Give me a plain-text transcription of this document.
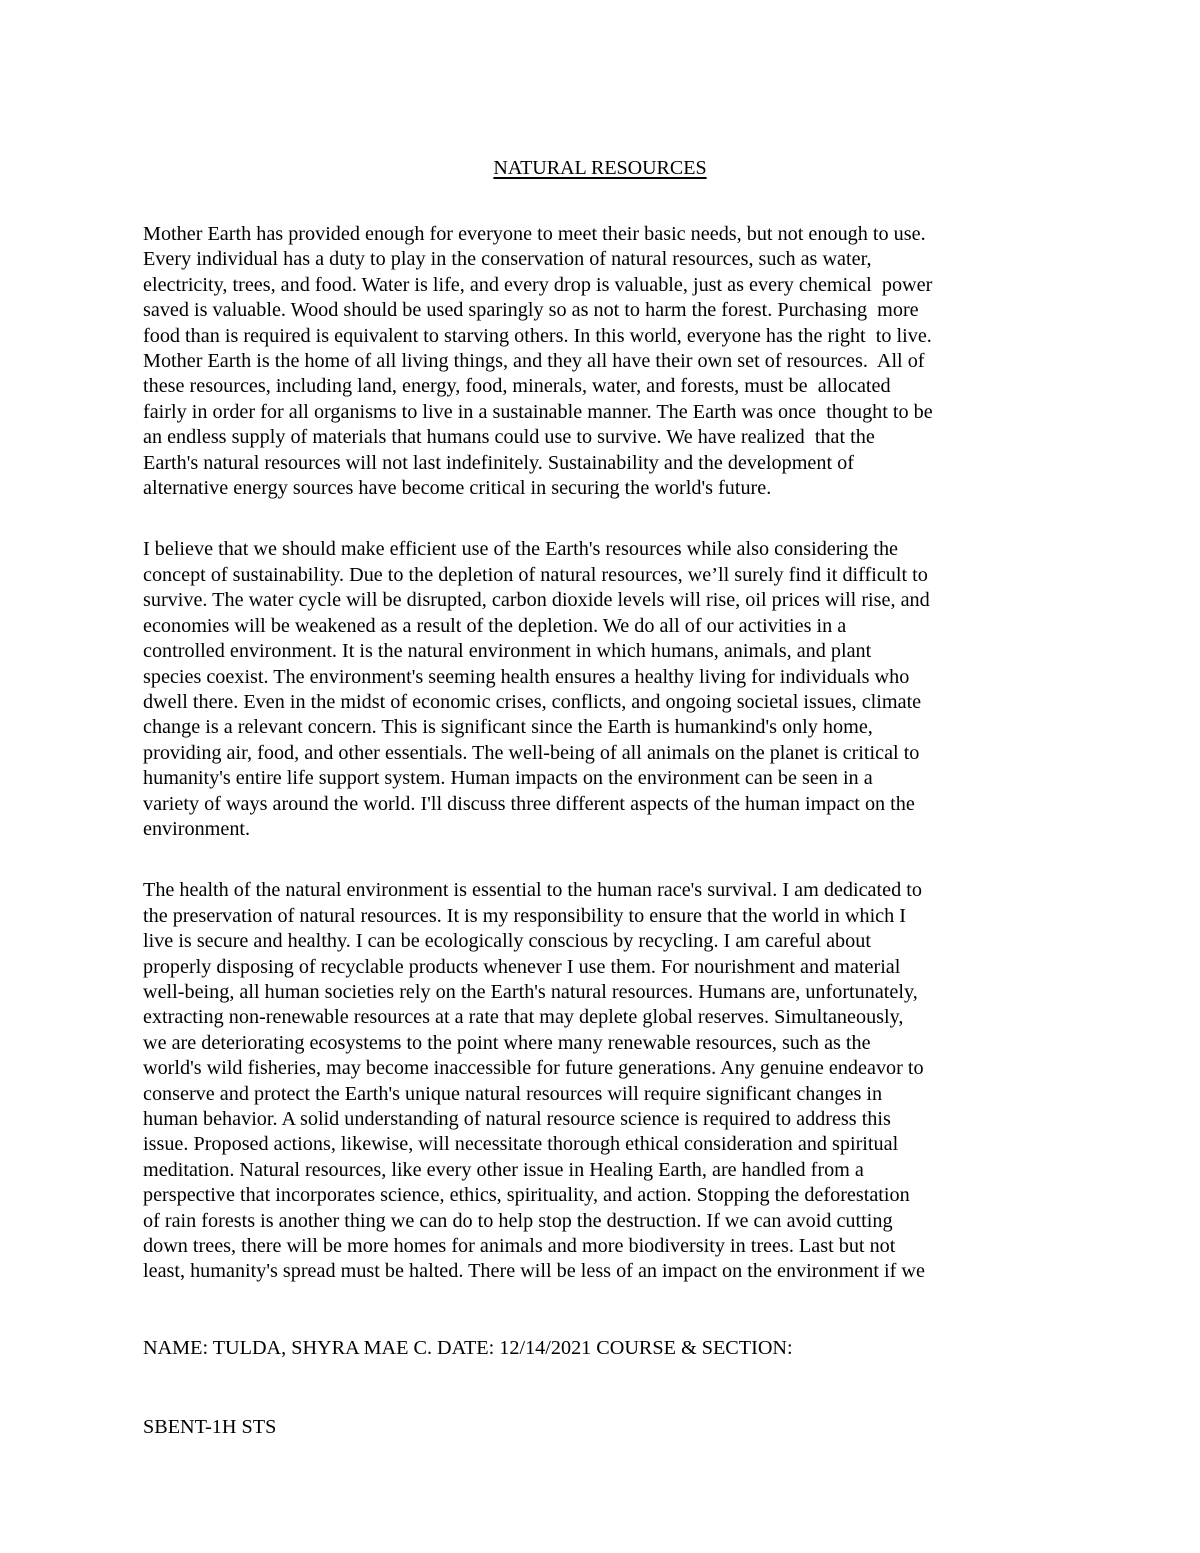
NATURAL RESOURCES

Mother Earth has provided enough for everyone to meet their basic needs, but not enough to use.
Every individual has a duty to play in the conservation of natural resources, such as water,
electricity, trees, and food. Water is life, and every drop is valuable, just as every chemical  power
saved is valuable. Wood should be used sparingly so as not to harm the forest. Purchasing  more
food than is required is equivalent to starving others. In this world, everyone has the right  to live.
Mother Earth is the home of all living things, and they all have their own set of resources.  All of
these resources, including land, energy, food, minerals, water, and forests, must be  allocated
fairly in order for all organisms to live in a sustainable manner. The Earth was once  thought to be
an endless supply of materials that humans could use to survive. We have realized  that the
Earth's natural resources will not last indefinitely. Sustainability and the development of
alternative energy sources have become critical in securing the world's future.

I believe that we should make efficient use of the Earth's resources while also considering the
concept of sustainability. Due to the depletion of natural resources, we’ll surely find it difficult to
survive. The water cycle will be disrupted, carbon dioxide levels will rise, oil prices will rise, and
economies will be weakened as a result of the depletion. We do all of our activities in a
controlled environment. It is the natural environment in which humans, animals, and plant
species coexist. The environment's seeming health ensures a healthy living for individuals who
dwell there. Even in the midst of economic crises, conflicts, and ongoing societal issues, climate
change is a relevant concern. This is significant since the Earth is humankind's only home,
providing air, food, and other essentials. The well-being of all animals on the planet is critical to
humanity's entire life support system. Human impacts on the environment can be seen in a
variety of ways around the world. I'll discuss three different aspects of the human impact on the
environment.

The health of the natural environment is essential to the human race's survival. I am dedicated to
the preservation of natural resources. It is my responsibility to ensure that the world in which I
live is secure and healthy. I can be ecologically conscious by recycling. I am careful about
properly disposing of recyclable products whenever I use them. For nourishment and material
well-being, all human societies rely on the Earth's natural resources. Humans are, unfortunately,
extracting non-renewable resources at a rate that may deplete global reserves. Simultaneously,
we are deteriorating ecosystems to the point where many renewable resources, such as the
world's wild fisheries, may become inaccessible for future generations. Any genuine endeavor to
conserve and protect the Earth's unique natural resources will require significant changes in
human behavior. A solid understanding of natural resource science is required to address this
issue. Proposed actions, likewise, will necessitate thorough ethical consideration and spiritual
meditation. Natural resources, like every other issue in Healing Earth, are handled from a
perspective that incorporates science, ethics, spirituality, and action. Stopping the deforestation
of rain forests is another thing we can do to help stop the destruction. If we can avoid cutting
down trees, there will be more homes for animals and more biodiversity in trees. Last but not
least, humanity's spread must be halted. There will be less of an impact on the environment if we

NAME: TULDA, SHYRA MAE C. DATE: 12/14/2021 COURSE & SECTION:

SBENT-1H STS
